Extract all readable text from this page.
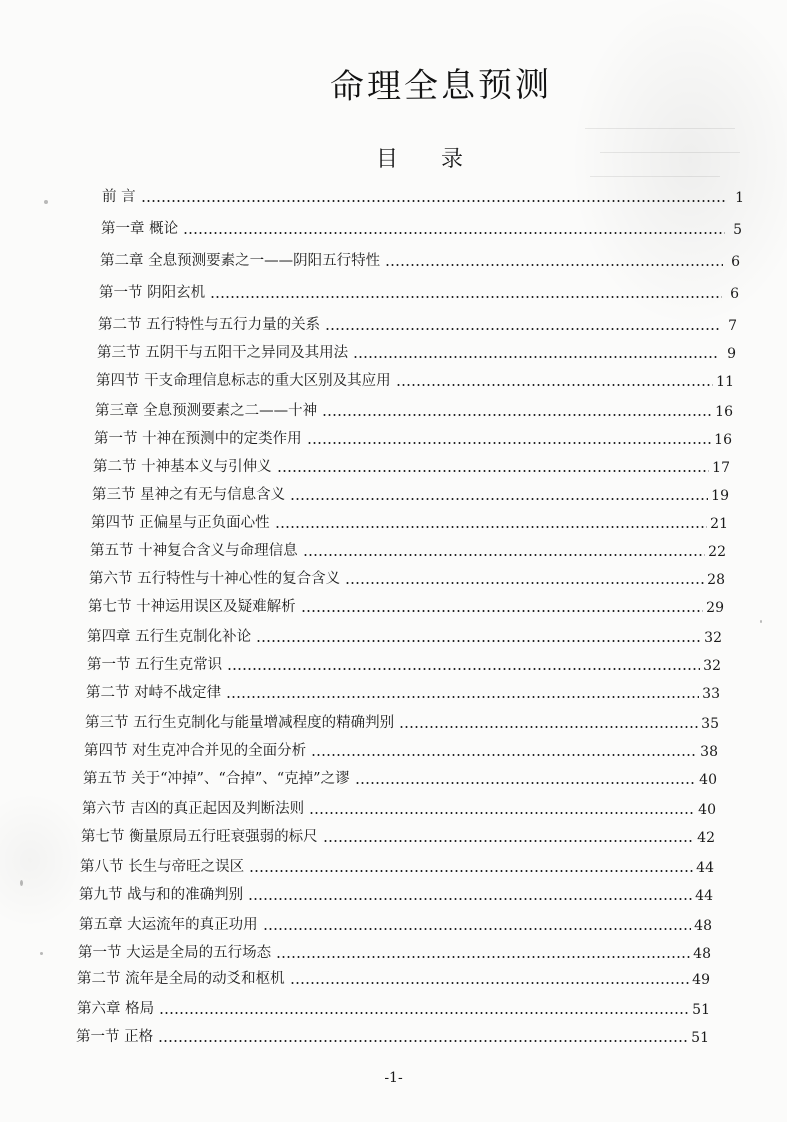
命理全息预测
目 录
前 言	1
第一章 概论	5
第二章 全息预测要素之一——阴阳五行特性	6
第一节 阴阳玄机	6
第二节 五行特性与五行力量的关系	7
第三节 五阴干与五阳干之异同及其用法	9
第四节 干支命理信息标志的重大区别及其应用	11
第三章 全息预测要素之二——十神	16
第一节 十神在预测中的定类作用	16
第二节 十神基本义与引伸义	17
第三节 星神之有无与信息含义	19
第四节 正偏星与正负面心性	21
第五节 十神复合含义与命理信息	22
第六节 五行特性与十神心性的复合含义	28
第七节 十神运用误区及疑难解析	29
第四章 五行生克制化补论	32
第一节 五行生克常识	32
第二节 对峙不战定律	33
第三节 五行生克制化与能量增减程度的精确判别	35
第四节 对生克冲合并见的全面分析	38
第五节 关于“冲掉”、“合掉”、“克掉”之谬	40
第六节 吉凶的真正起因及判断法则	40
第七节 衡量原局五行旺衰强弱的标尺	42
第八节 长生与帝旺之误区	44
第九节 战与和的准确判别	44
第五章 大运流年的真正功用	48
第一节 大运是全局的五行场态	48
第二节 流年是全局的动爻和枢机	49
第六章 格局	51
第一节 正格	51
-1-
